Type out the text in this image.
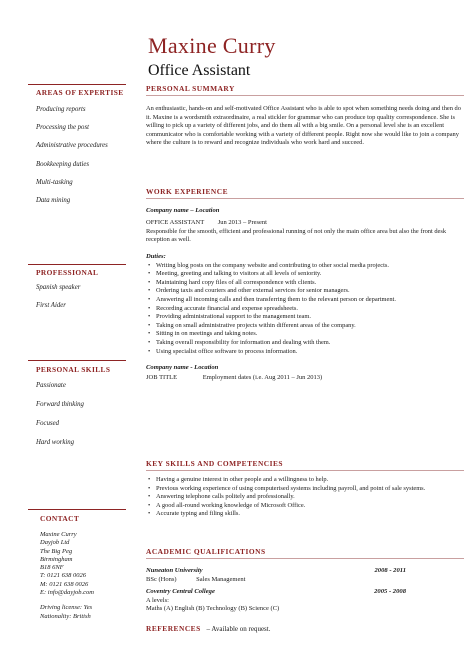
Maxine Curry
Office Assistant
AREAS OF EXPERTISE
Producing reports
Processing the post
Administrative procedures
Bookkeeping duties
Multi-tasking
Data mining
PROFESSIONAL
Spanish speaker
First Aider
PERSONAL SKILLS
Passionate
Forward thinking
Focused
Hard working
CONTACT
Maxine Curry
Dayjob Ltd
The Big Peg
Birmingham
B18 6NF
T: 0121 638 0026
M: 0121 638 0026
E: info@dayjob.com
Driving license: Yes
Nationality: British
PERSONAL SUMMARY
An enthusiastic, hands-on and self-motivated Office Assistant who is able to spot when something needs doing and then do it. Maxine is a wordsmith extraordinaire, a real stickler for grammar who can produce top quality correspondence. She is willing to pick up a variety of different jobs, and do them all with a big smile. On a personal level she is an excellent communicator who is comfortable working with a variety of different people. Right now she would like to join a company where the culture is to reward and recognize individuals who work hard and succeed.
WORK EXPERIENCE
Company name – Location
OFFICE ASSISTANT Jun 2013 – Present
Responsible for the smooth, efficient and professional running of not only the main office area but also the front desk reception as well.
Duties:
• Writing blog posts on the company website and contributing to other social media projects.
• Meeting, greeting and talking to visitors at all levels of seniority.
• Maintaining hard copy files of all correspondence with clients.
• Ordering taxis and couriers and other external services for senior managers.
• Answering all incoming calls and then transferring them to the relevant person or department.
• Recording accurate financial and expense spreadsheets.
• Providing administrational support to the management team.
• Taking on small administrative projects within different areas of the company.
• Sitting in on meetings and taking notes.
• Taking overall responsibility for information and dealing with them.
• Using specialist office software to process information.
Company name - Location
JOB TITLE	Employment dates (i.e. Aug 2011 – Jun 2013)
KEY SKILLS AND COMPETENCIES
• Having a genuine interest in other people and a willingness to help.
• Previous working experience of using computerised systems including payroll, and point of sale systems.
• Answering telephone calls politely and professionally.
• A good all-round working knowledge of Microsoft Office.
• Accurate typing and filing skills.
ACADEMIC QUALIFICATIONS
Nuneaton University	2008 - 2011
BSc (Hons)	Sales Management
Coventry Central College	2005 - 2008
A levels:
Maths (A) English (B) Technology (B) Science (C)
REFERENCES – Available on request.
